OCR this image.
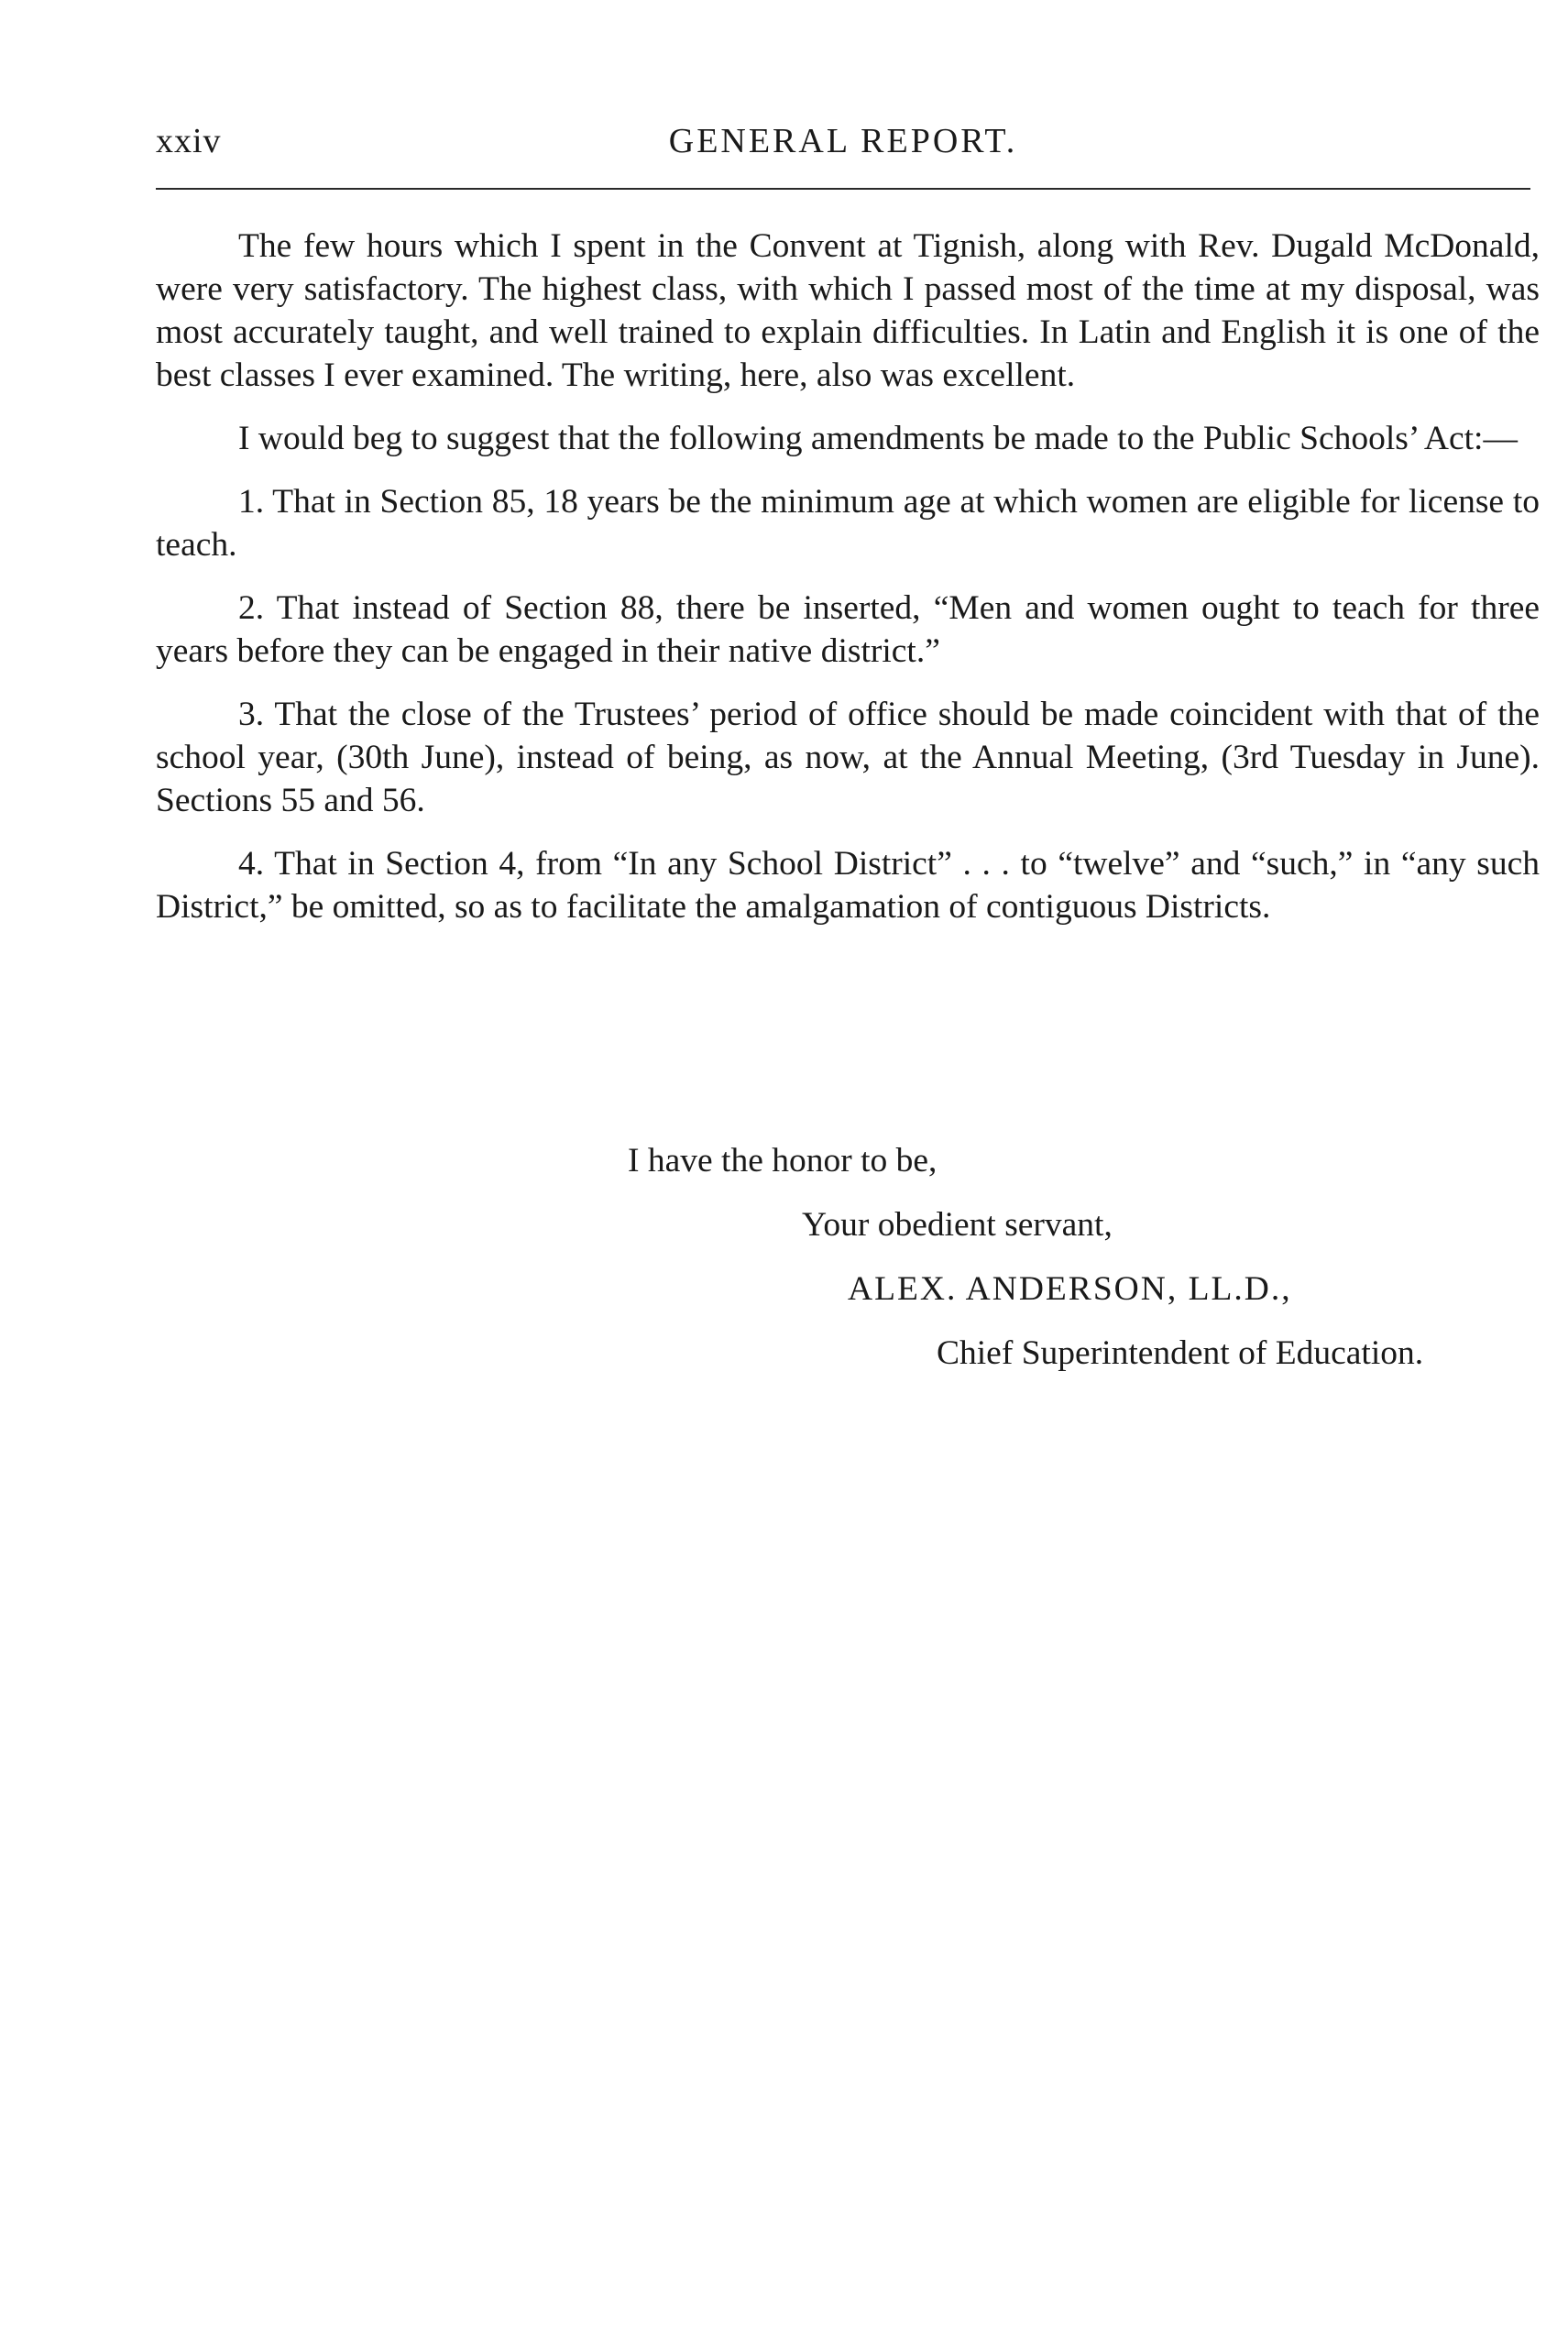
xxiv	GENERAL REPORT.

The few hours which I spent in the Convent at Tignish, along with Rev. Dugald McDonald, were very satisfactory. The highest class, with which I passed most of the time at my disposal, was most accurately taught, and well trained to explain difficulties. In Latin and English it is one of the best classes I ever examined. The writing, here, also was excellent.

I would beg to suggest that the following amendments be made to the Public Schools’ Act:—

1. That in Section 85, 18 years be the minimum age at which women are eligible for license to teach.

2. That instead of Section 88, there be inserted, “Men and women ought to teach for three years before they can be engaged in their native district.”

3. That the close of the Trustees’ period of office should be made coincident with that of the school year, (30th June), instead of being, as now, at the Annual Meeting, (3rd Tuesday in June). Sections 55 and 56.

4. That in Section 4, from “In any School District” . . . to “twelve” and “such,” in “any such District,” be omitted, so as to facilitate the amalgamation of contiguous Districts.

I have the honor to be,
Your obedient servant,
ALEX. ANDERSON, LL.D.,
Chief Superintendent of Education.
